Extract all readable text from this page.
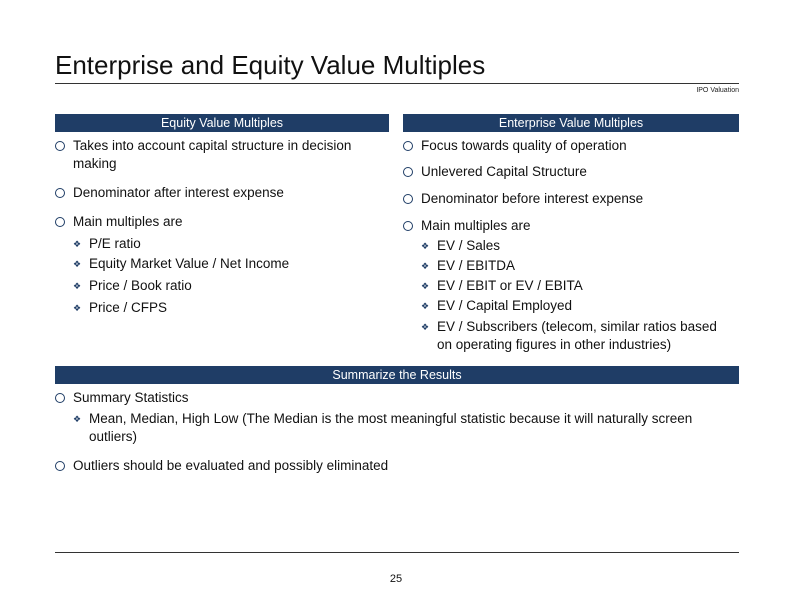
Enterprise and Equity Value Multiples
IPO Valuation
Equity Value Multiples	Enterprise Value Multiples
Takes into account capital structure in decision
making
Denominator after interest expense
Main multiples are
❖ P/E ratio
❖ Equity Market Value / Net Income
❖ Price / Book ratio
❖ Price / CFPS
Focus towards quality of operation
Unlevered Capital Structure
Denominator before interest expense
Main multiples are
❖ EV / Sales
❖ EV / EBITDA
❖ EV / EBIT or EV / EBITA
❖ EV / Capital Employed
❖ EV / Subscribers (telecom, similar ratios based
on operating figures in other industries)
Summarize the Results
Summary Statistics
❖ Mean, Median, High Low (The Median is the most meaningful statistic because it will naturally screen
outliers)
Outliers should be evaluated and possibly eliminated
25
